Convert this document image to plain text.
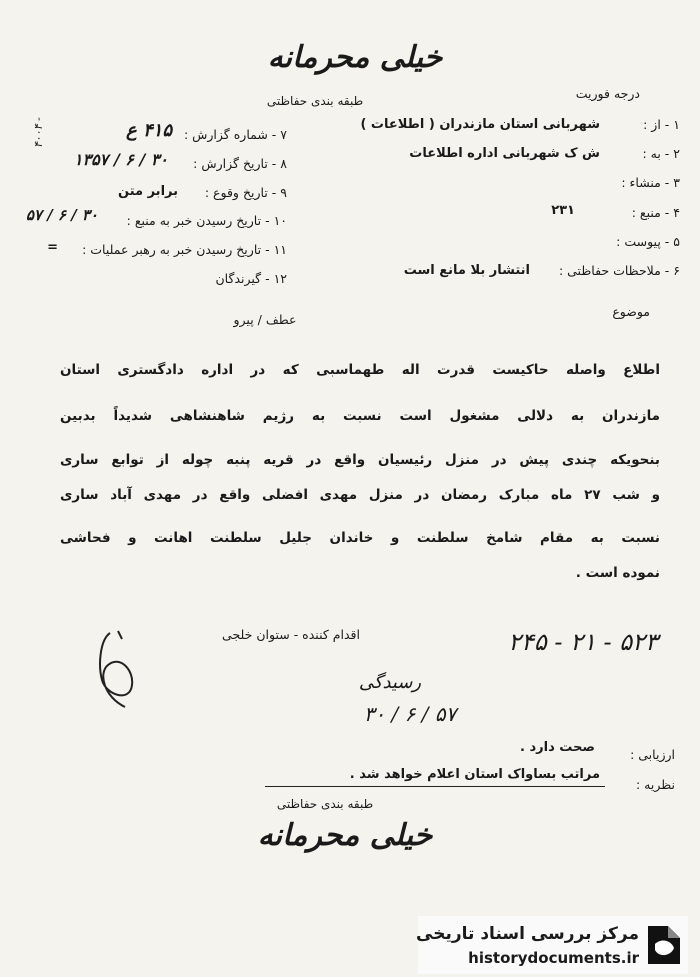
خیلی محرمانه
طبقه بندی حفاظتی	درجه فوریت
۱ - از :
شهربانی استان مازندران ( اطلاعات )
۲ - به :
ش ک شهربانی اداره اطلاعات
۳ - منشاء :
۴ - منبع :
۲۳۱
۵ - پیوست :
۶ - ملاحظات حفاظتی :
انتشار بلا مانع است
۷ - شماره گزارش :
۴۱۵ ع
۸ - تاریخ گزارش :
۳۰ / ۶ / ۱۳۵۷
۹ - تاریخ وقوع :
برابر متن
۱۰ - تاریخ رسیدن خبر به منبع :
۳۰ / ۶ / ۵۷
۱۱ - تاریخ رسیدن خبر به رهبر عملیات :
=
۱۲ - گیرندگان
۴۰۰۴ -
موضوع
عطف / پیرو
اطلاع واصله حاکیست قدرت اله طهماسبی که در اداره دادگستری استان
مازندران به دلالی مشغول است نسبت به رژیم شاهنشاهی شدیداً بدبین
بنحویکه چندی پیش در منزل رئیسیان واقع در قریه پنبه چوله از توابع ساری
و شب ۲۷ ماه مبارک رمضان در منزل مهدی افضلی واقع در مهدی آباد ساری
نسبت به مقام شامخ سلطنت و خاندان جلیل سلطنت اهانت و فحاشی
نموده است .
اقدام کننده - ستوان خلجی	۲۴۵ - ۲۱ - ۵۲۳
رسیدگی
۳۰ / ۶ / ۵۷
ارزیابی :
صحت دارد .
نظریه :
مراتب بساواک استان اعلام خواهد شد .
طبقه بندی حفاظتی
خیلی محرمانه
مرکز بررسی اسناد تاریخی
historydocuments.ir
